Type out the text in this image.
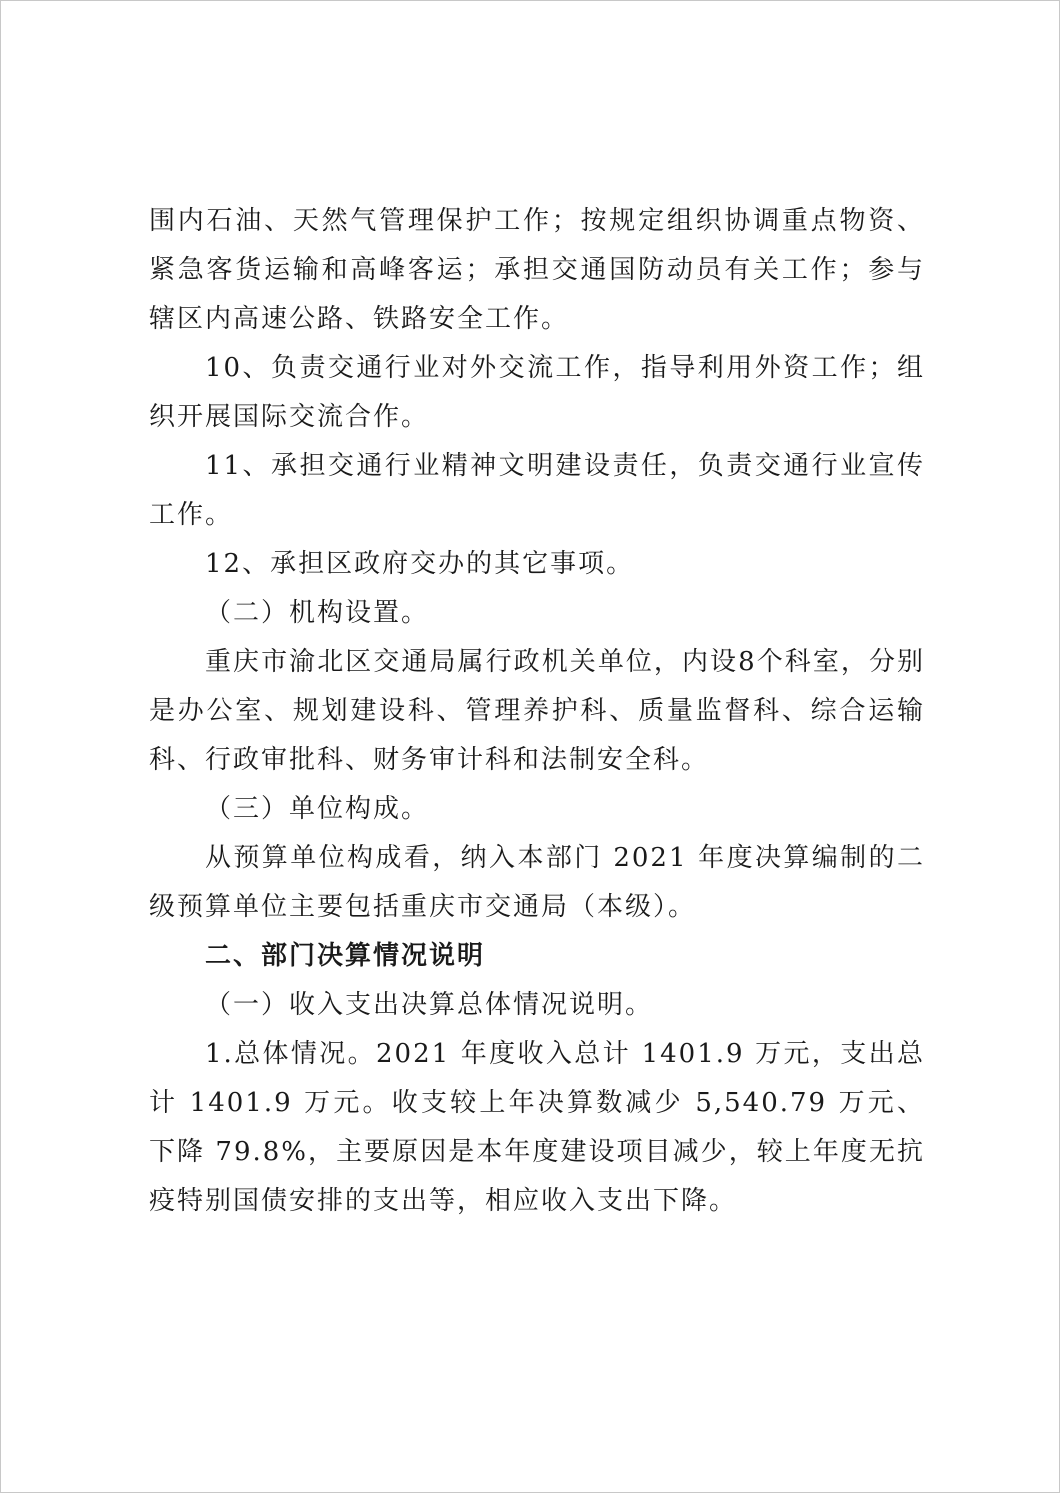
围内石油、天然气管理保护工作；按规定组织协调重点物资、紧急客货运输和高峰客运；承担交通国防动员有关工作；参与辖区内高速公路、铁路安全工作。

10、负责交通行业对外交流工作，指导利用外资工作；组织开展国际交流合作。

11、承担交通行业精神文明建设责任，负责交通行业宣传工作。

12、承担区政府交办的其它事项。

（二）机构设置。

重庆市渝北区交通局属行政机关单位，内设8个科室，分别是办公室、规划建设科、管理养护科、质量监督科、综合运输科、行政审批科、财务审计科和法制安全科。

（三）单位构成。

从预算单位构成看，纳入本部门 2021 年度决算编制的二级预算单位主要包括重庆市交通局（本级）。

二、部门决算情况说明

（一）收入支出决算总体情况说明。

1.总体情况。2021 年度收入总计 1401.9 万元，支出总计 1401.9 万元。收支较上年决算数减少 5,540.79 万元、下降 79.8%，主要原因是本年度建设项目减少，较上年度无抗疫特别国债安排的支出等，相应收入支出下降。
